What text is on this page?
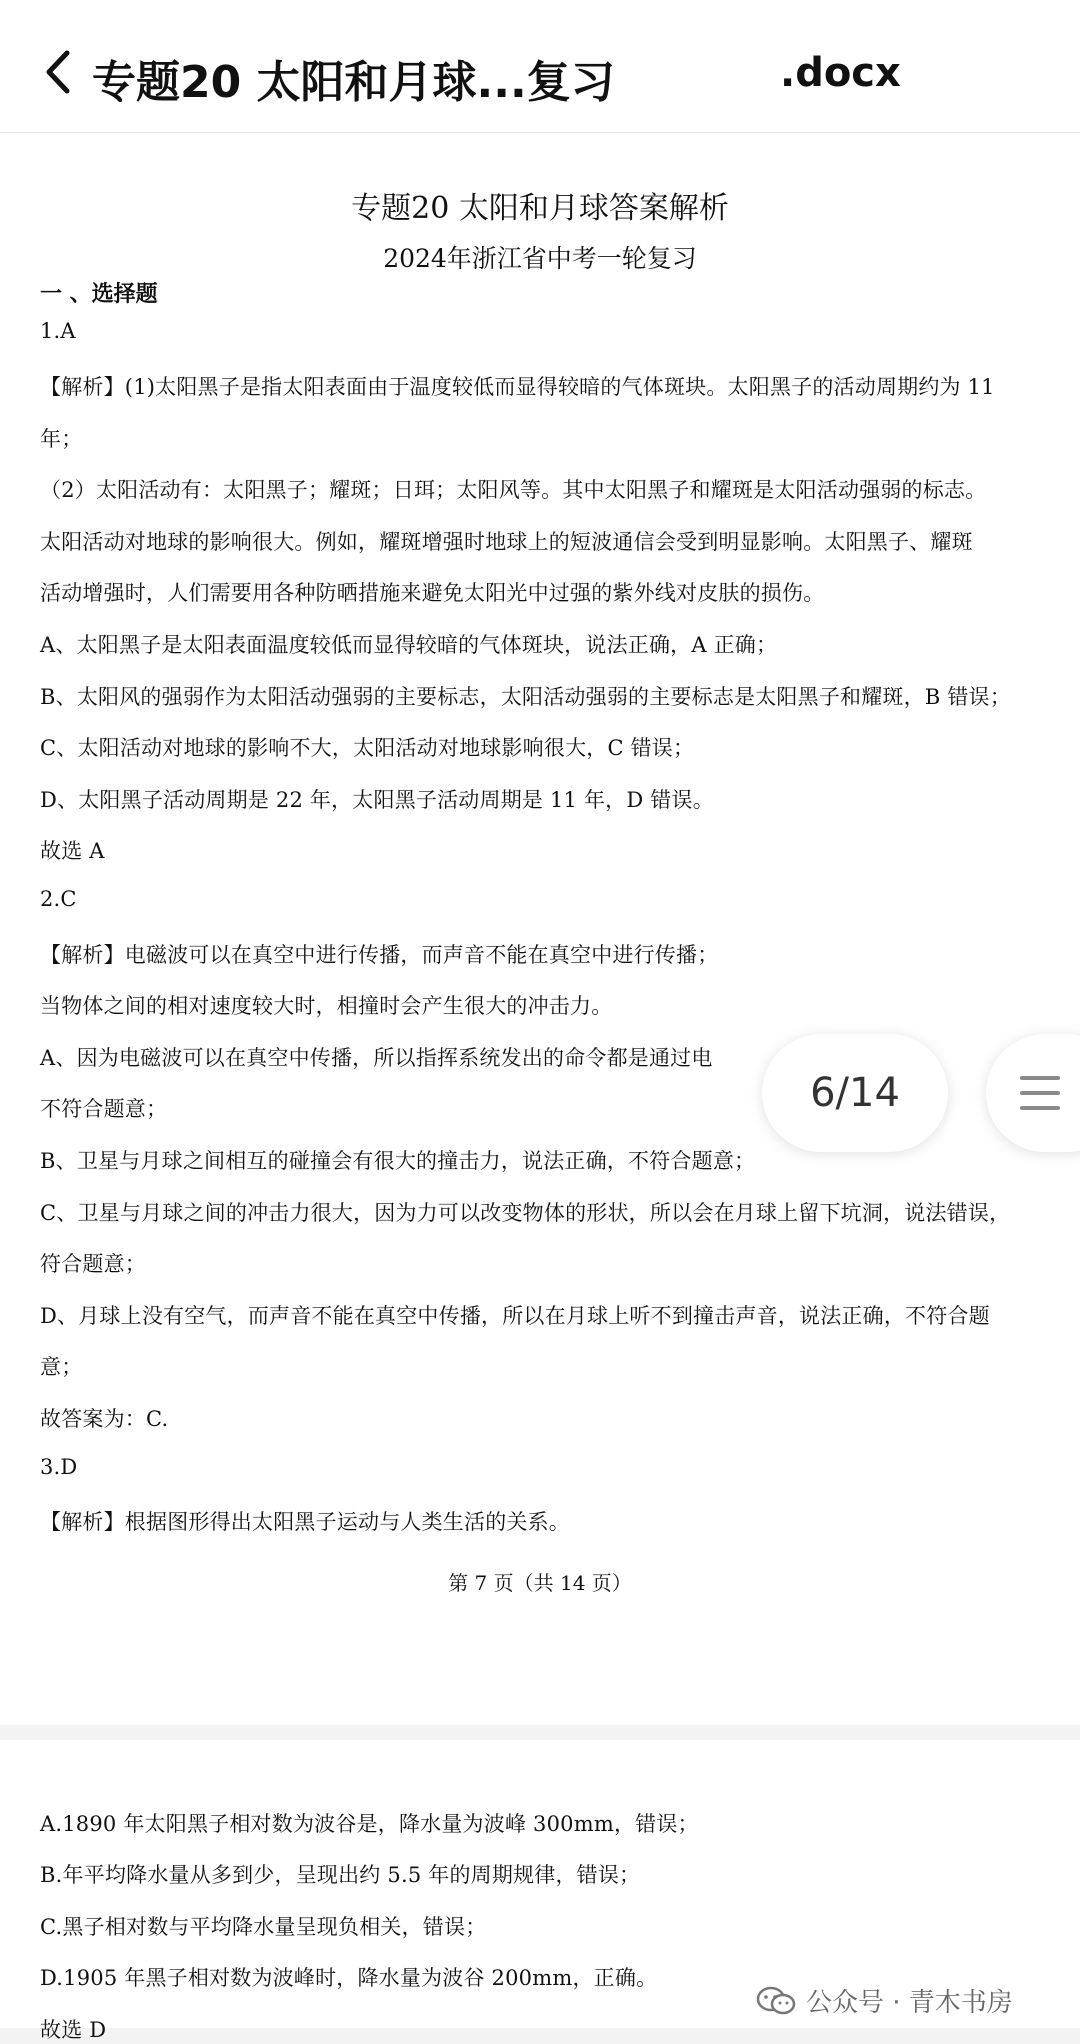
专题20 太阳和月球...复习	.docx
专题20 太阳和月球答案解析
2024年浙江省中考一轮复习
一 、选择题
1.A
【解析】(1)太阳黑子是指太阳表面由于温度较低而显得较暗的气体斑块。太阳黑子的活动周期约为 11
年；
（2）太阳活动有：太阳黑子；耀斑；日珥；太阳风等。其中太阳黑子和耀斑是太阳活动强弱的标志。
太阳活动对地球的影响很大。例如，耀斑增强时地球上的短波通信会受到明显影响。太阳黑子、耀斑
活动增强时，人们需要用各种防晒措施来避免太阳光中过强的紫外线对皮肤的损伤。
A、太阳黑子是太阳表面温度较低而显得较暗的气体斑块，说法正确，A 正确；
B、太阳风的强弱作为太阳活动强弱的主要标志，太阳活动强弱的主要标志是太阳黑子和耀斑，B 错误；
C、太阳活动对地球的影响不大，太阳活动对地球影响很大，C 错误；
D、太阳黑子活动周期是 22 年，太阳黑子活动周期是 11 年，D 错误。
故选 A
2.C
【解析】电磁波可以在真空中进行传播，而声音不能在真空中进行传播；
当物体之间的相对速度较大时，相撞时会产生很大的冲击力。
A、因为电磁波可以在真空中传播，所以指挥系统发出的命令都是通过电
不符合题意；
B、卫星与月球之间相互的碰撞会有很大的撞击力，说法正确，不符合题意；
C、卫星与月球之间的冲击力很大，因为力可以改变物体的形状，所以会在月球上留下坑洞，说法错误，
符合题意；
D、月球上没有空气，而声音不能在真空中传播，所以在月球上听不到撞击声音，说法正确，不符合题
意；
故答案为：C.
3.D
【解析】根据图形得出太阳黑子运动与人类生活的关系。
第 7 页（共 14 页）
A.1890 年太阳黑子相对数为波谷是，降水量为波峰 300mm，错误；
B.年平均降水量从多到少，呈现出约 5.5 年的周期规律，错误；
C.黑子相对数与平均降水量呈现负相关，错误；
D.1905 年黑子相对数为波峰时，降水量为波谷 200mm，正确。
故选 D
6/14
公众号 · 青木书房
